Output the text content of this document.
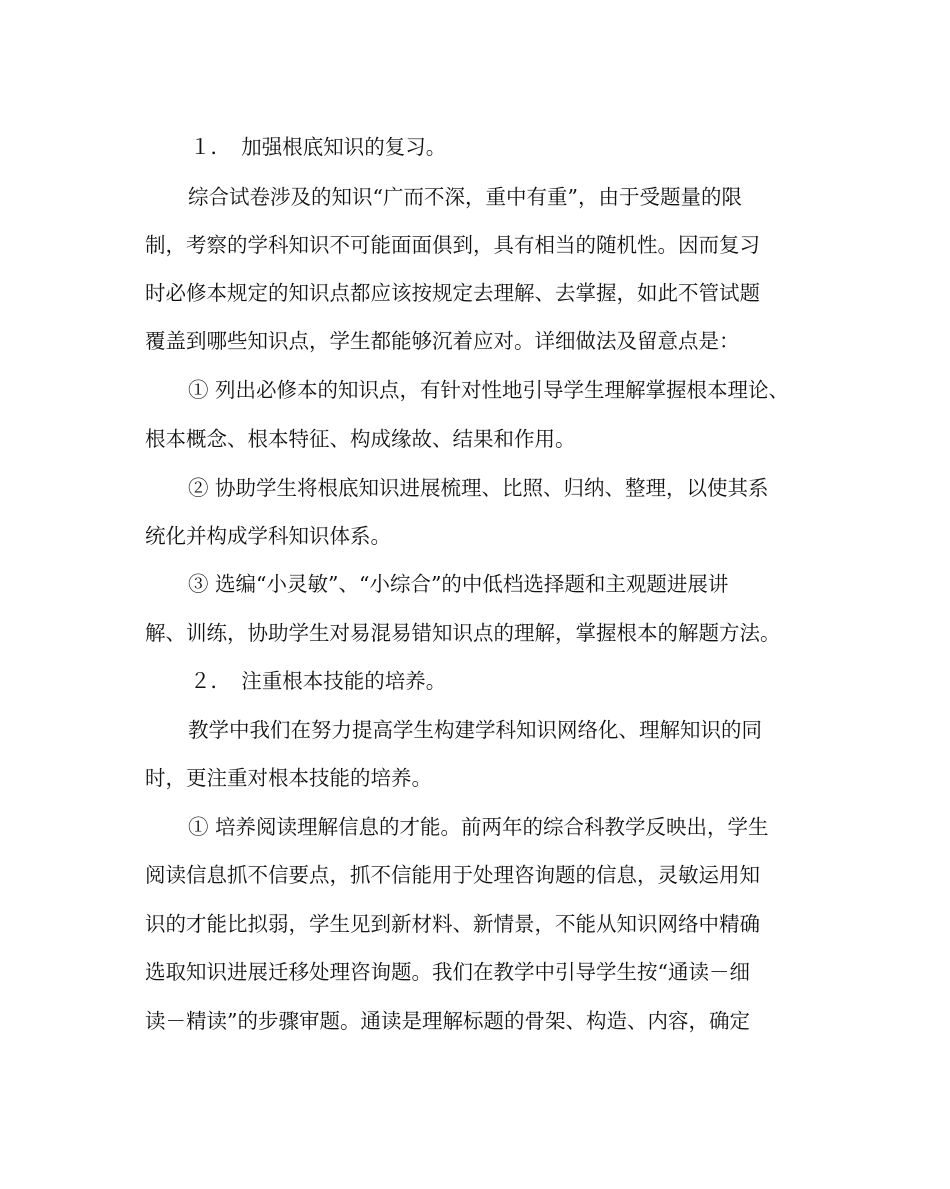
１．　加强根底知识的复习。
综合试卷涉及的知识“广而不深，重中有重”，由于受题量的限
制，考察的学科知识不可能面面俱到，具有相当的随机性。因而复习
时必修本规定的知识点都应该按规定去理解、去掌握，如此不管试题
覆盖到哪些知识点，学生都能够沉着应对。详细做法及留意点是：
① 列出必修本的知识点，有针对性地引导学生理解掌握根本理论、
根本概念、根本特征、构成缘故、结果和作用。
② 协助学生将根底知识进展梳理、比照、归纳、整理，以使其系
统化并构成学科知识体系。
③ 选编“小灵敏”、“小综合”的中低档选择题和主观题进展讲
解、训练，协助学生对易混易错知识点的理解，掌握根本的解题方法。
２．　注重根本技能的培养。
教学中我们在努力提高学生构建学科知识网络化、理解知识的同
时，更注重对根本技能的培养。
① 培养阅读理解信息的才能。前两年的综合科教学反映出，学生
阅读信息抓不信要点，抓不信能用于处理咨询题的信息，灵敏运用知
识的才能比拟弱，学生见到新材料、新情景，不能从知识网络中精确
选取知识进展迁移处理咨询题。我们在教学中引导学生按“通读－细
读－精读”的步骤审题。通读是理解标题的骨架、构造、内容，确定
